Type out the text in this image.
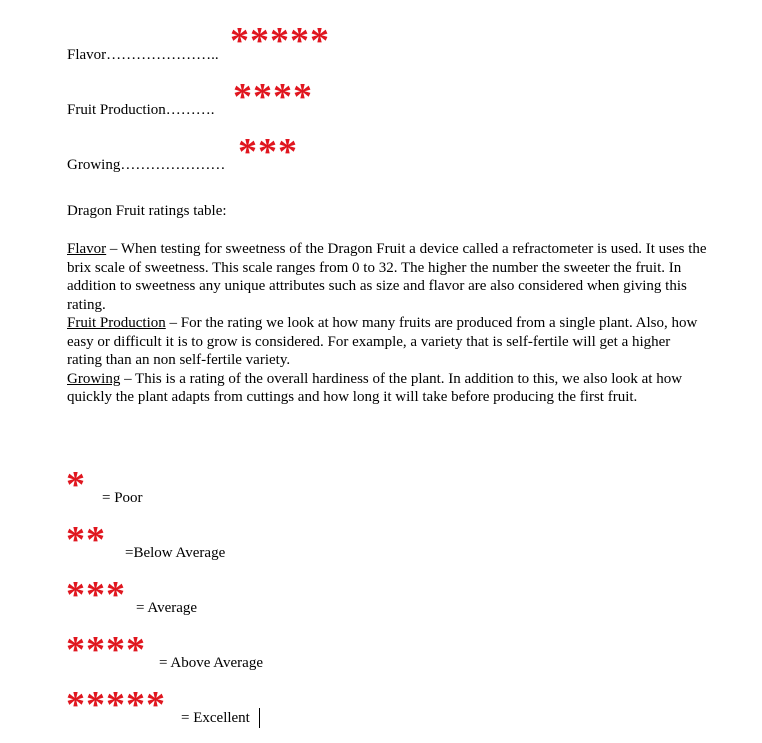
*****
Flavor…………………..
****
Fruit Production……….
***
Growing…………………
Dragon Fruit ratings table:

Flavor – When testing for sweetness of the Dragon Fruit a device called a refractometer is used. It uses the brix scale of sweetness. This scale ranges from 0 to 32. The higher the number the sweeter the fruit. In addition to sweetness any unique attributes such as size and flavor are also considered when giving this rating.

Fruit Production – For the rating we look at how many fruits are produced from a single plant. Also, how easy or difficult it is to grow is considered. For example, a variety that is self-fertile will get a higher rating than an non self-fertile variety.

Growing – This is a rating of the overall hardiness of the plant. In addition to this, we also look at how quickly the plant adapts from cuttings and how long it will take before producing the first fruit.

* = Poor
** =Below Average
*** = Average
**** = Above Average
***** = Excellent
